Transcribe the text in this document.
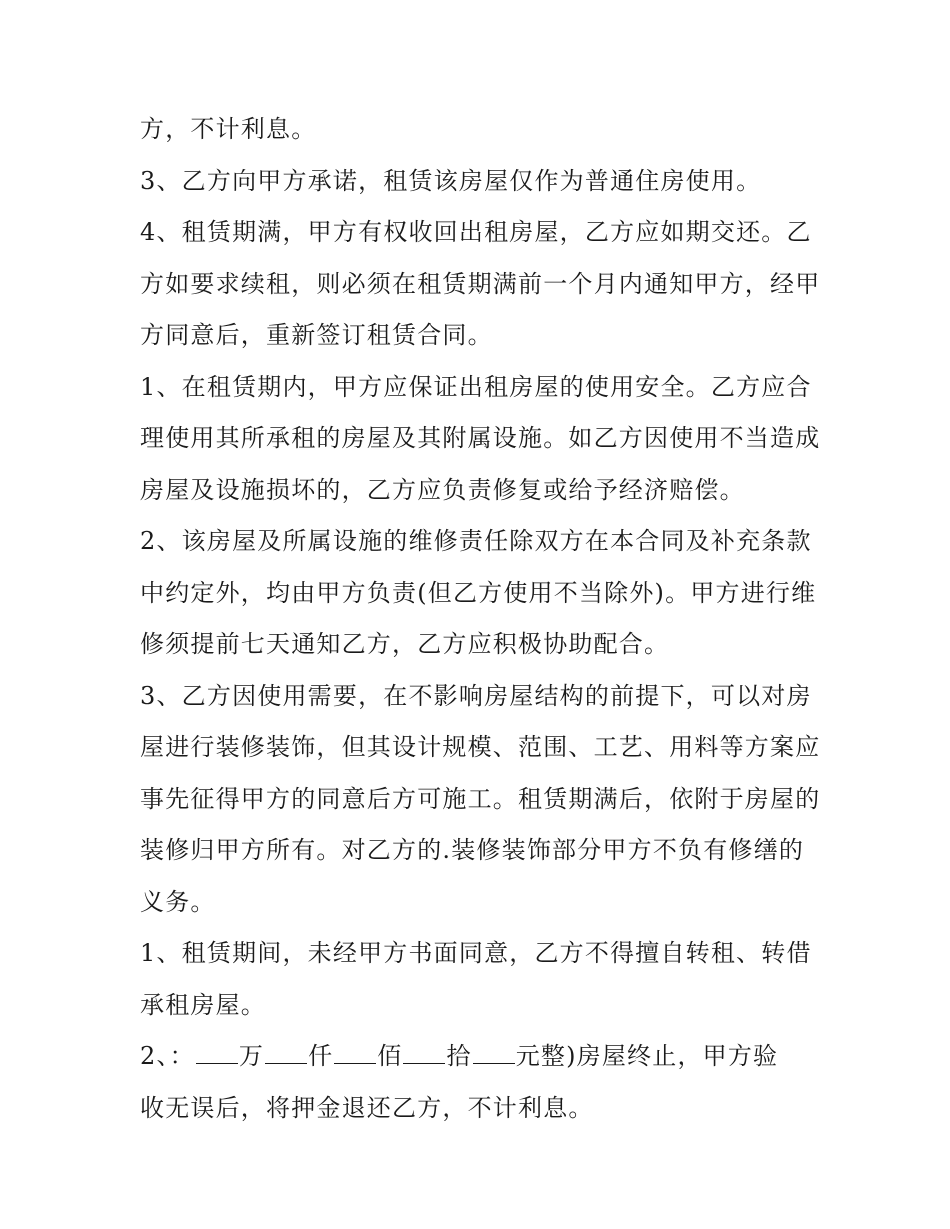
方，不计利息。
3、乙方向甲方承诺，租赁该房屋仅作为普通住房使用。
4、租赁期满，甲方有权收回出租房屋，乙方应如期交还。乙
方如要求续租，则必须在租赁期满前一个月内通知甲方，经甲
方同意后，重新签订租赁合同。
1、在租赁期内，甲方应保证出租房屋的使用安全。乙方应合
理使用其所承租的房屋及其附属设施。如乙方因使用不当造成
房屋及设施损坏的，乙方应负责修复或给予经济赔偿。
2、该房屋及所属设施的维修责任除双方在本合同及补充条款
中约定外，均由甲方负责(但乙方使用不当除外)。甲方进行维
修须提前七天通知乙方，乙方应积极协助配合。
3、乙方因使用需要，在不影响房屋结构的前提下，可以对房
屋进行装修装饰，但其设计规模、范围、工艺、用料等方案应
事先征得甲方的同意后方可施工。租赁期满后，依附于房屋的
装修归甲方所有。对乙方的.装修装饰部分甲方不负有修缮的
义务。
1、租赁期间，未经甲方书面同意，乙方不得擅自转租、转借
承租房屋。
2、： 万 仟 佰 拾 元整)房屋终止，甲方验
收无误后，将押金退还乙方，不计利息。
